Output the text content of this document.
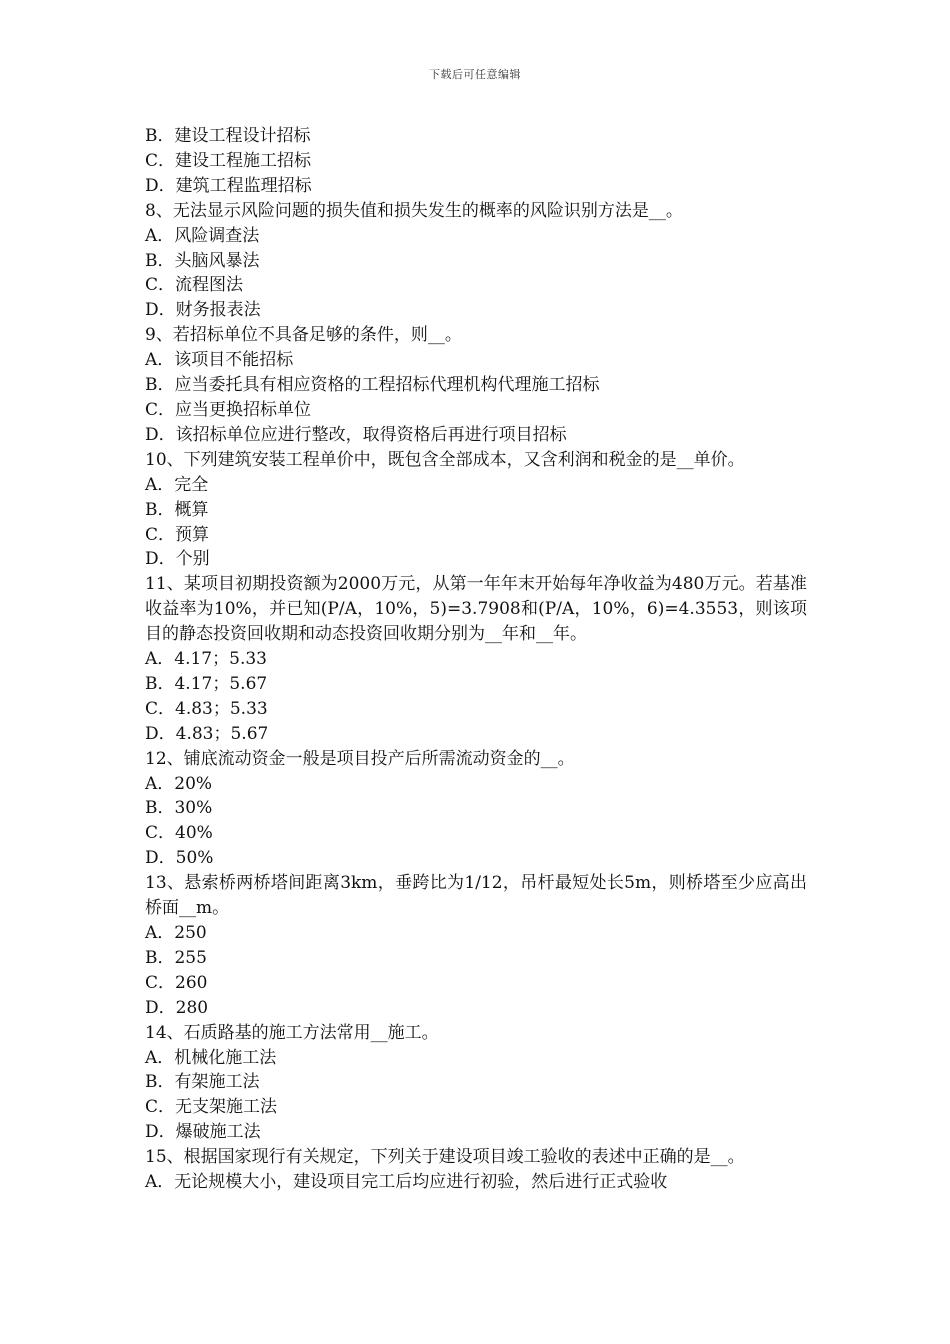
下载后可任意编辑
B．建设工程设计招标
C．建设工程施工招标
D．建筑工程监理招标
8、无法显示风险问题的损失值和损失发生的概率的风险识别方法是__。
A．风险调查法
B．头脑风暴法
C．流程图法
D．财务报表法
9、若招标单位不具备足够的条件，则__。
A．该项目不能招标
B．应当委托具有相应资格的工程招标代理机构代理施工招标
C．应当更换招标单位
D．该招标单位应进行整改，取得资格后再进行项目招标
10、下列建筑安装工程单价中，既包含全部成本，又含利润和税金的是__单价。
A．完全
B．概算
C．预算
D．个别
11、某项目初期投资额为2000万元，从第一年年末开始每年净收益为480万元。若基准收益率为10%，并已知(P/A，10%，5)=3.7908和(P/A，10%，6)=4.3553，则该项目的静态投资回收期和动态投资回收期分别为__年和__年。
A．4.17；5.33
B．4.17；5.67
C．4.83；5.33
D．4.83；5.67
12、铺底流动资金一般是项目投产后所需流动资金的__。
A．20%
B．30%
C．40%
D．50%
13、悬索桥两桥塔间距离3km，垂跨比为1/12，吊杆最短处长5m，则桥塔至少应高出桥面__m。
A．250
B．255
C．260
D．280
14、石质路基的施工方法常用__施工。
A．机械化施工法
B．有架施工法
C．无支架施工法
D．爆破施工法
15、根据国家现行有关规定，下列关于建设项目竣工验收的表述中正确的是__。
A．无论规模大小，建设项目完工后均应进行初验，然后进行正式验收
